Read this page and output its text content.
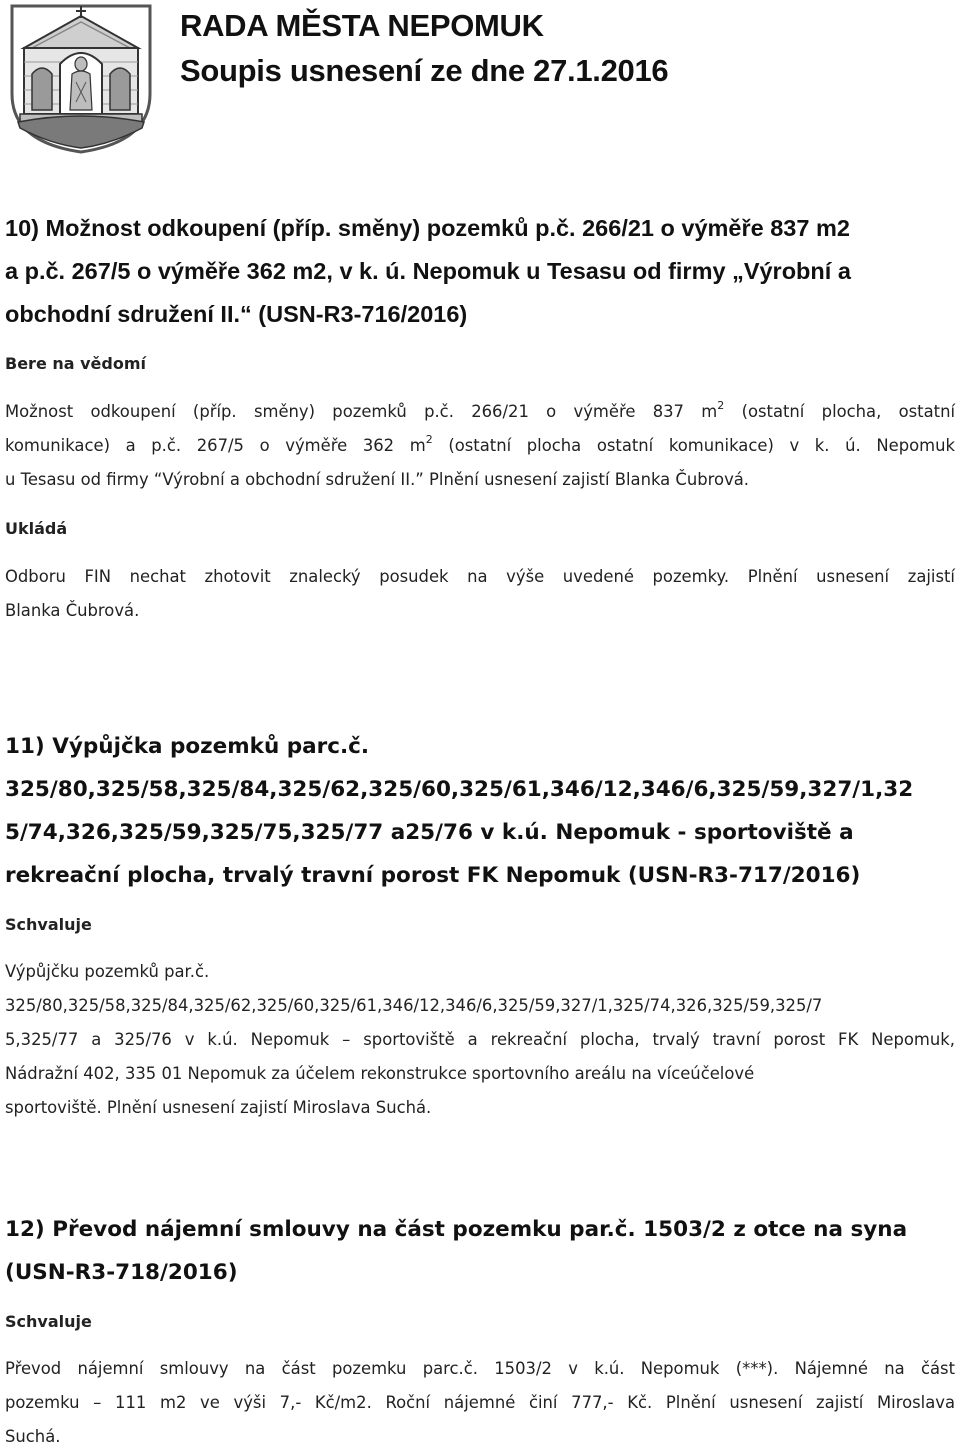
RADA MĚSTA NEPOMUK
Soupis usnesení ze dne 27.1.2016
10) Možnost odkoupení (příp. směny) pozemků p.č. 266/21 o výměře 837 m2
a p.č. 267/5 o výměře 362 m2, v k. ú. Nepomuk u Tesasu od firmy „Výrobní a
obchodní sdružení II.“ (USN-R3-716/2016)
Bere na vědomí
Možnost odkoupení (příp. směny) pozemků p.č. 266/21 o výměře 837 $m^2$ (ostatní plocha, ostatní
komunikace) a p.č. 267/5 o výměře 362 $m^2$ (ostatní plocha ostatní komunikace) v k. ú. Nepomuk
u Tesasu od firmy “Výrobní a obchodní sdružení II.” Plnění usnesení zajistí Blanka Čubrová.
Ukládá
Odboru FIN nechat zhotovit znalecký posudek na výše uvedené pozemky. Plnění usnesení zajistí
Blanka Čubrová.
11) Výpůjčka pozemků parc.č.
325/80,325/58,325/84,325/62,325/60,325/61,346/12,346/6,325/59,327/1,32
5/74,326,325/59,325/75,325/77 a25/76 v k.ú. Nepomuk - sportoviště a
rekreační plocha, trvalý travní porost FK Nepomuk (USN-R3-717/2016)
Schvaluje
Výpůjčku pozemků par.č.
325/80,325/58,325/84,325/62,325/60,325/61,346/12,346/6,325/59,327/1,325/74,326,325/59,325/7
5,325/77 a 325/76 v k.ú. Nepomuk – sportoviště a rekreační plocha, trvalý travní porost FK Nepomuk,
Nádražní 402, 335 01 Nepomuk za účelem rekonstrukce sportovního areálu na víceúčelové
sportoviště. Plnění usnesení zajistí Miroslava Suchá.
12) Převod nájemní smlouvy na část pozemku par.č. 1503/2 z otce na syna
(USN-R3-718/2016)
Schvaluje
Převod nájemní smlouvy na část pozemku parc.č. 1503/2 v k.ú. Nepomuk (***). Nájemné na část
pozemku – 111 m2 ve výši 7,- Kč/m2. Roční nájemné činí 777,- Kč. Plnění usnesení zajistí Miroslava
Suchá.
